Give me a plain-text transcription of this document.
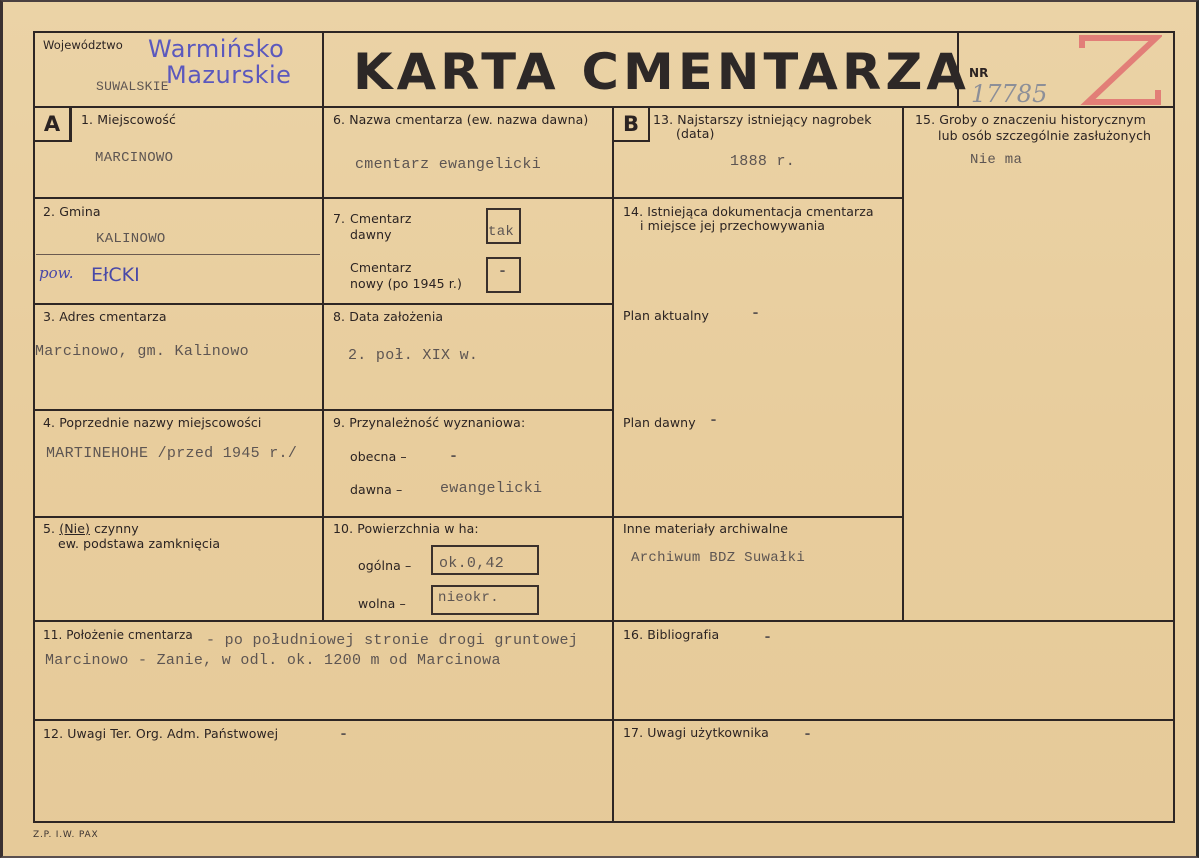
Województwo
SUWALSKIE
Warmińsko
Mazurskie KARTA CMENTARZA NR
17785
A	1. Miejscowość
MARCINOWO
2. Gmina
KALINOWO
pow. EłCKI
3. Adres cmentarza
Marcinowo, gm. Kalinowo
4. Poprzednie nazwy miejscowości
MARTINEHOHE /przed 1945 r./
5. (Nie) czynny
ew. podstawa zamknięcia
6. Nazwa cmentarza (ew. nazwa dawna)
cmentarz ewangelicki
7. Cmentarz
dawny	tak
Cmentarz
nowy (po 1945 r.)
-
8. Data założenia
2. poł. XIX w.
9. Przynależność wyznaniowa:
obecna –	-
dawna –	ewangelicki
10. Powierzchnia w ha:
ogólna – ok.0,42
wolna – nieokr.
B	13. Najstarszy istniejący nagrobek
(data)
1888 r.
14. Istniejąca dokumentacja cmentarza
i miejsce jej przechowywania
Plan aktualny	-
Plan dawny -
Inne materiały archiwalne
Archiwum BDZ Suwałki
15. Groby o znaczeniu historycznym
lub osób szczególnie zasłużonych
Nie ma
11. Położenie cmentarza - po południowej stronie drogi gruntowej
Marcinowo - Zanie, w odl. ok. 1200 m od Marcinowa
16. Bibliografia	-
12. Uwagi Ter. Org. Adm. Państwowej	-	17. Uwagi użytkownika -
Z.P. I.W. PAX
